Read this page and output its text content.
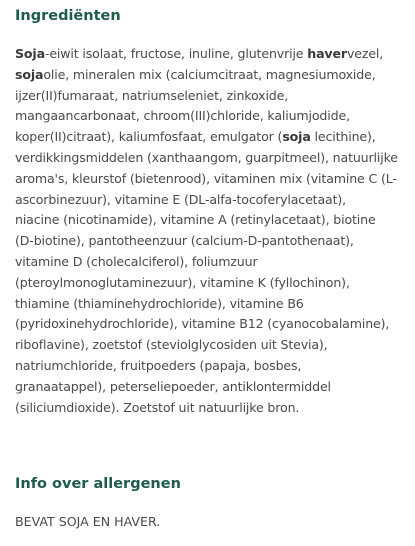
Ingrediënten

Soja-eiwit isolaat, fructose, inuline, glutenvrije havervezel,
sojaolie, mineralen mix (calciumcitraat, magnesiumoxide,
ijzer(II)fumaraat, natriumseleniet, zinkoxide,
mangaancarbonaat, chroom(III)chloride, kaliumjodide,
koper(II)citraat), kaliumfosfaat, emulgator (soja lecithine),
verdikkingsmiddelen (xanthaangom, guarpitmeel), natuurlijke
aroma's, kleurstof (bietenrood), vitaminen mix (vitamine C (L-
ascorbinezuur), vitamine E (DL-alfa-tocoferylacetaat),
niacine (nicotinamide), vitamine A (retinylacetaat), biotine
(D-biotine), pantotheenzuur (calcium-D-pantothenaat),
vitamine D (cholecalciferol), foliumzuur
(pteroylmonoglutaminezuur), vitamine K (fyllochinon),
thiamine (thiaminehydrochloride), vitamine B6
(pyridoxinehydrochloride), vitamine B12 (cyanocobalamine),
riboflavine), zoetstof (steviolglycosiden uit Stevia),
natriumchloride, fruitpoeders (papaja, bosbes,
granaatappel), peterseliepoeder, antiklontermiddel
(siliciumdioxide). Zoetstof uit natuurlijke bron.

Info over allergenen

BEVAT SOJA EN HAVER.
